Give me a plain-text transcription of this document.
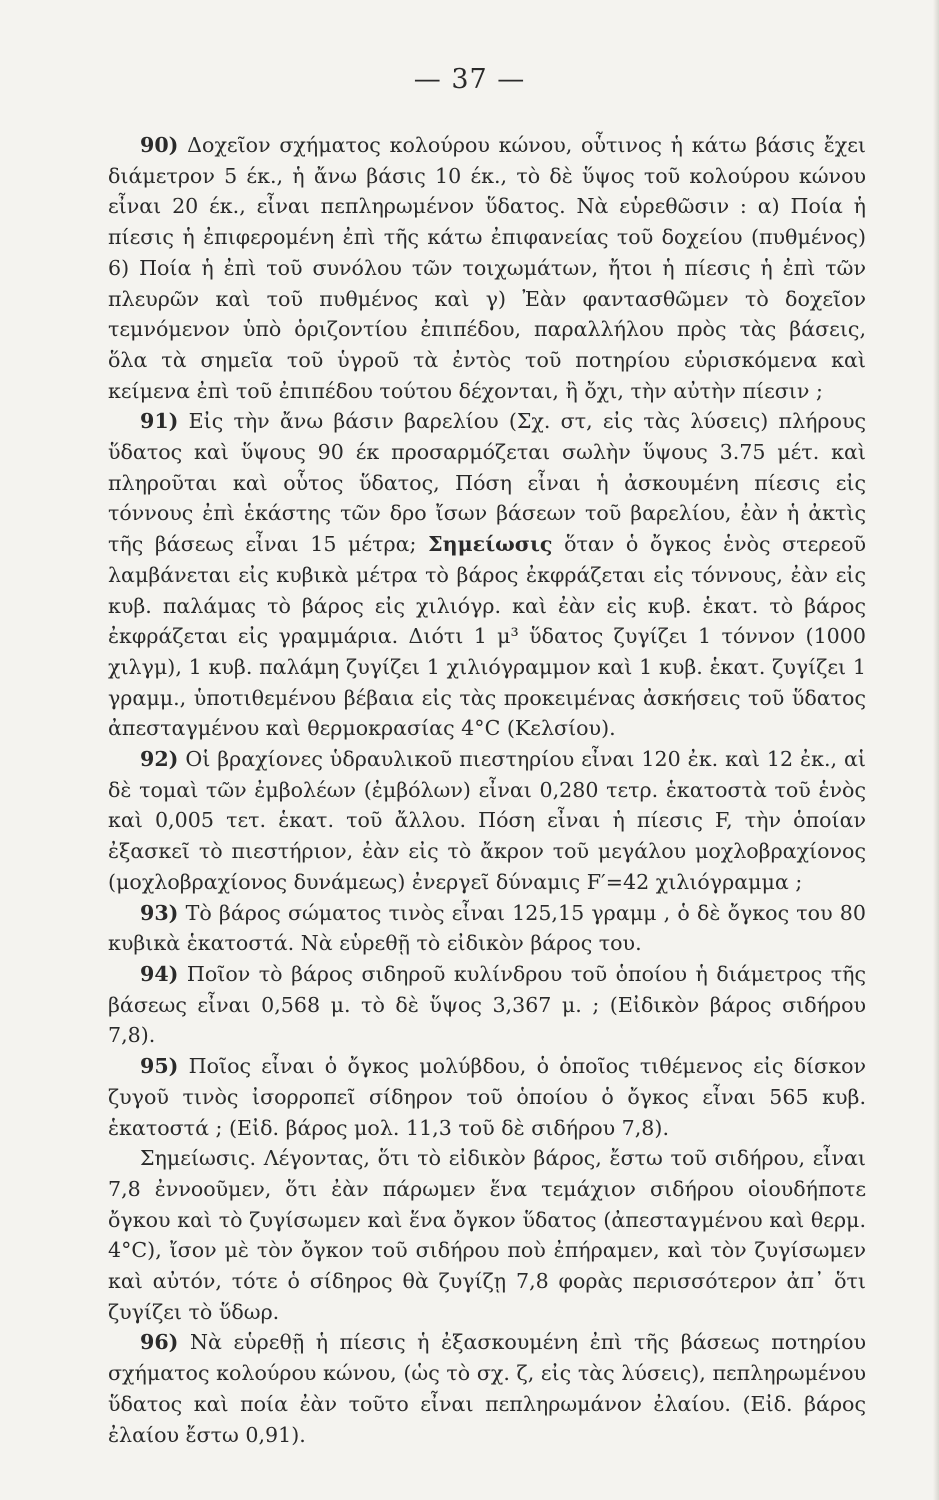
— 37 —

90) Δοχεῖον σχήματος κολούρου κώνου, οὗτινος ἡ κάτω βάσις ἔχει διάμετρον 5 έκ., ἡ ἄνω βάσις 10 έκ., τὸ δὲ ὕψος τοῦ κολούρου κώνου εἶναι 20 έκ., εἶναι πεπληρωμένον ὕδατος. Νὰ εὑρεθῶσιν : α) Ποία ἡ πίεσις ἡ ἐπιφερομένη ἐπὶ τῆς κάτω ἐπιφανείας τοῦ δοχείου (πυθμένος) 6) Ποία ἡ ἐπὶ τοῦ συνόλου τῶν τοιχωμάτων, ἤτοι ἡ πίεσις ἡ ἐπὶ τῶν πλευρῶν καὶ τοῦ πυθμένος καὶ γ) Ἐὰν φαντασθῶμεν τὸ δοχεῖον τεμνόμενον ὑπὸ ὁριζοντίου ἐπιπέδου, παραλλήλου πρὸς τὰς βάσεις, ὅλα τὰ σημεῖα τοῦ ὑγροῦ τὰ ἐντὸς τοῦ ποτηρίου εὑρισκόμενα καὶ κείμενα ἐπὶ τοῦ ἐπιπέδου τούτου δέχονται, ἢ ὄχι, τὴν αὐτὴν πίεσιν ;

91) Εἰς τὴν ἄνω βάσιν βαρελίου (Σχ. στ, εἰς τὰς λύσεις) πλήρους ὕδατος καὶ ὕψους 90 έκ προσαρμόζεται σωλὴν ὕψους 3.75 μέτ. καὶ πληροῦται καὶ οὗτος ὕδατος, Πόση εἶναι ἡ ἀσκουμένη πίεσις εἰς τόννους ἐπὶ ἑκάστης τῶν δρο ἴσων βάσεων τοῦ βαρελίου, ἐὰν ἡ ἀκτὶς τῆς βάσεως εἶναι 15 μέτρα; Σημείωσις ὅταν ὁ ὄγκος ἑνὸς στερεοῦ λαμβάνεται εἰς κυβικὰ μέτρα τὸ βάρος ἐκφράζεται εἰς τόννους, ἐὰν εἰς κυβ. παλάμας τὸ βάρος εἰς χιλιόγρ. καὶ ἐὰν εἰς κυβ. ἑκατ. τὸ βάρος ἐκφράζεται εἰς γραμμάρια. Διότι 1 μ³ ὕδατος ζυγίζει 1 τόννον (1000 χιλγμ), 1 κυβ. παλάμη ζυγίζει 1 χιλιόγραμμον καὶ 1 κυβ. ἑκατ. ζυγίζει 1 γραμμ., ὑποτιθεμένου βέβαια εἰς τὰς προκειμένας ἀσκήσεις τοῦ ὕδατος ἀπεσταγμένου καὶ θερμοκρασίας 4°C (Κελσίου).

92) Οἱ βραχίονες ὑδραυλικοῦ πιεστηρίου εἶναι 120 ἐκ. καὶ 12 ἐκ., αἱ δὲ τομαὶ τῶν ἐμβολέων (ἐμβόλων) εἶναι 0,280 τετρ. ἑκατοστὰ τοῦ ἑνὸς καὶ 0,005 τετ. ἑκατ. τοῦ ἄλλου. Πόση εἶναι ἡ πίεσις F, τὴν ὁποίαν ἐξασκεῖ τὸ πιεστήριον, ἐὰν εἰς τὸ ἄκρον τοῦ μεγάλου μοχλοβραχίονος (μοχλοβραχίονος δυνάμεως) ἐνεργεῖ δύναμις F′=42 χιλιόγραμμα ;

93) Τὸ βάρος σώματος τινὸς εἶναι 125,15 γραμμ , ὁ δὲ ὄγκος του 80 κυβικὰ ἑκατοστά. Νὰ εὑρεθῇ τὸ εἰδικὸν βάρος του.

94) Ποῖον τὸ βάρος σιδηροῦ κυλίνδρου τοῦ ὁποίου ἡ διάμετρος τῆς βάσεως εἶναι 0,568 μ. τὸ δὲ ὕψος 3,367 μ. ; (Εἰδικὸν βάρος σιδήρου 7,8).

95) Ποῖος εἶναι ὁ ὄγκος μολύβδου, ὁ ὁποῖος τιθέμενος εἰς δίσκον ζυγοῦ τινὸς ἰσορροπεῖ σίδηρον τοῦ ὁποίου ὁ ὄγκος εἶναι 565 κυβ. ἑκατοστά ; (Εἰδ. βάρος μολ. 11,3 τοῦ δὲ σιδήρου 7,8).

Σημείωσις. Λέγοντας, ὅτι τὸ εἰδικὸν βάρος, ἔστω τοῦ σιδήρου, εἶναι 7,8 ἐννοοῦμεν, ὅτι ἐὰν πάρωμεν ἕνα τεμάχιον σιδήρου οἱουδήποτε ὄγκου καὶ τὸ ζυγίσωμεν καὶ ἕνα ὄγκον ὕδατος (ἀπεσταγμένου καὶ θερμ. 4°C), ἴσον μὲ τὸν ὄγκον τοῦ σιδήρου ποὺ ἐπήραμεν, καὶ τὸν ζυγίσωμεν καὶ αὐτόν, τότε ὁ σίδηρος θὰ ζυγίζῃ 7,8 φορὰς περισσότερον ἀπ᾽ ὅτι ζυγίζει τὸ ὕδωρ.

96) Νὰ εὑρεθῇ ἡ πίεσις ἡ ἐξασκουμένη ἐπὶ τῆς βάσεως ποτηρίου σχήματος κολούρου κώνου, (ὡς τὸ σχ. ζ, εἰς τὰς λύσεις), πεπληρωμένου ὕδατος καὶ ποία ἐὰν τοῦτο εἶναι πεπληρωμάνον ἐλαίου. (Εἰδ. βάρος ἐλαίου ἔστω 0,91).
